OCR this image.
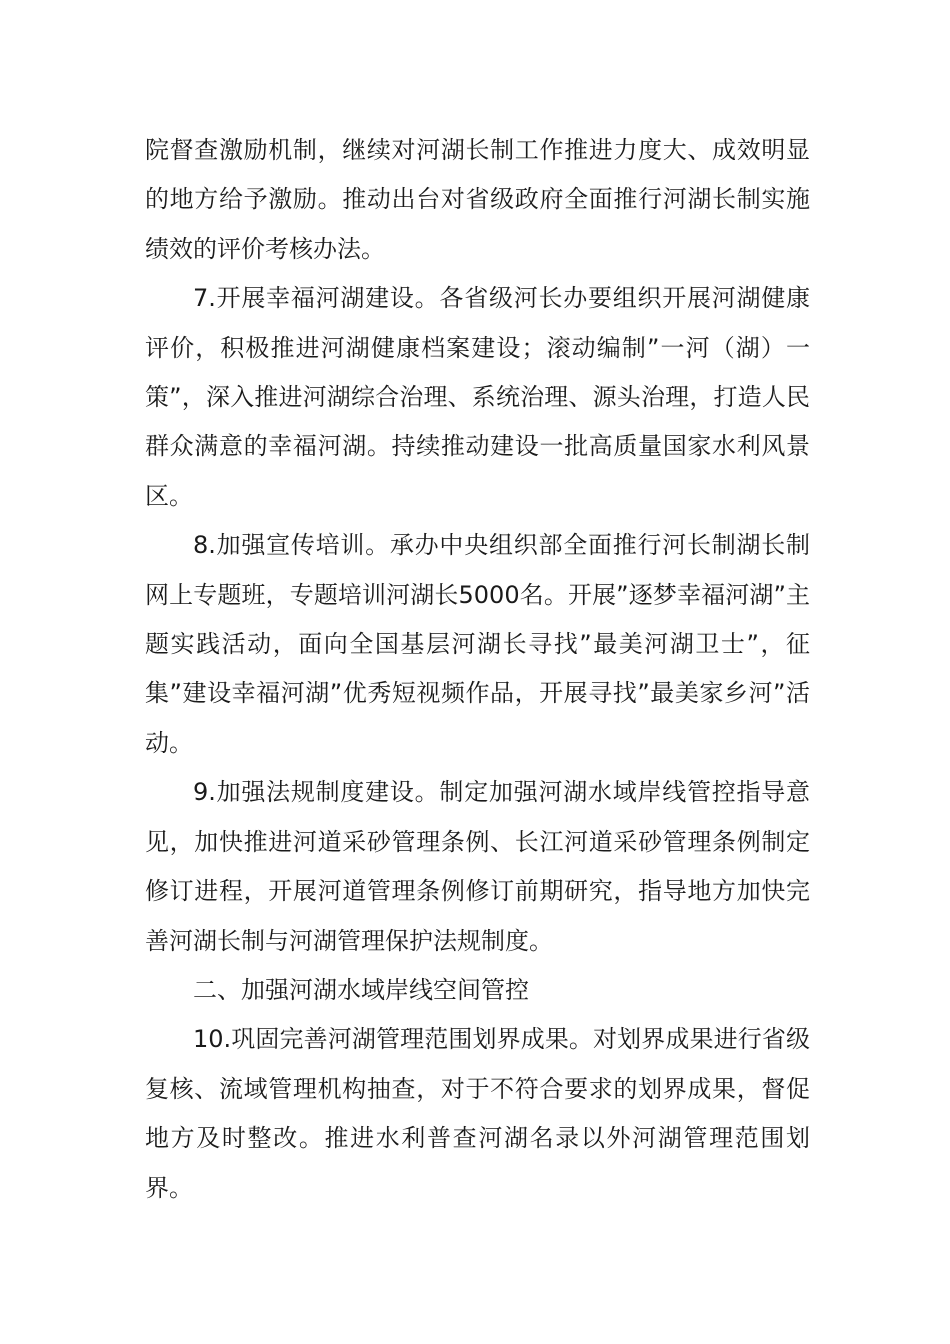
院督查激励机制，继续对河湖长制工作推进力度大、成效明显的地方给予激励。推动出台对省级政府全面推行河湖长制实施绩效的评价考核办法。

7.开展幸福河湖建设。各省级河长办要组织开展河湖健康评价，积极推进河湖健康档案建设；滚动编制”一河（湖）一策”，深入推进河湖综合治理、系统治理、源头治理，打造人民群众满意的幸福河湖。持续推动建设一批高质量国家水利风景区。

8.加强宣传培训。承办中央组织部全面推行河长制湖长制网上专题班，专题培训河湖长5000名。开展”逐梦幸福河湖”主题实践活动，面向全国基层河湖长寻找”最美河湖卫士”，征集”建设幸福河湖”优秀短视频作品，开展寻找”最美家乡河”活动。

9.加强法规制度建设。制定加强河湖水域岸线管控指导意见，加快推进河道采砂管理条例、长江河道采砂管理条例制定修订进程，开展河道管理条例修订前期研究，指导地方加快完善河湖长制与河湖管理保护法规制度。

二、加强河湖水域岸线空间管控

10.巩固完善河湖管理范围划界成果。对划界成果进行省级复核、流域管理机构抽查，对于不符合要求的划界成果，督促地方及时整改。推进水利普查河湖名录以外河湖管理范围划界。
